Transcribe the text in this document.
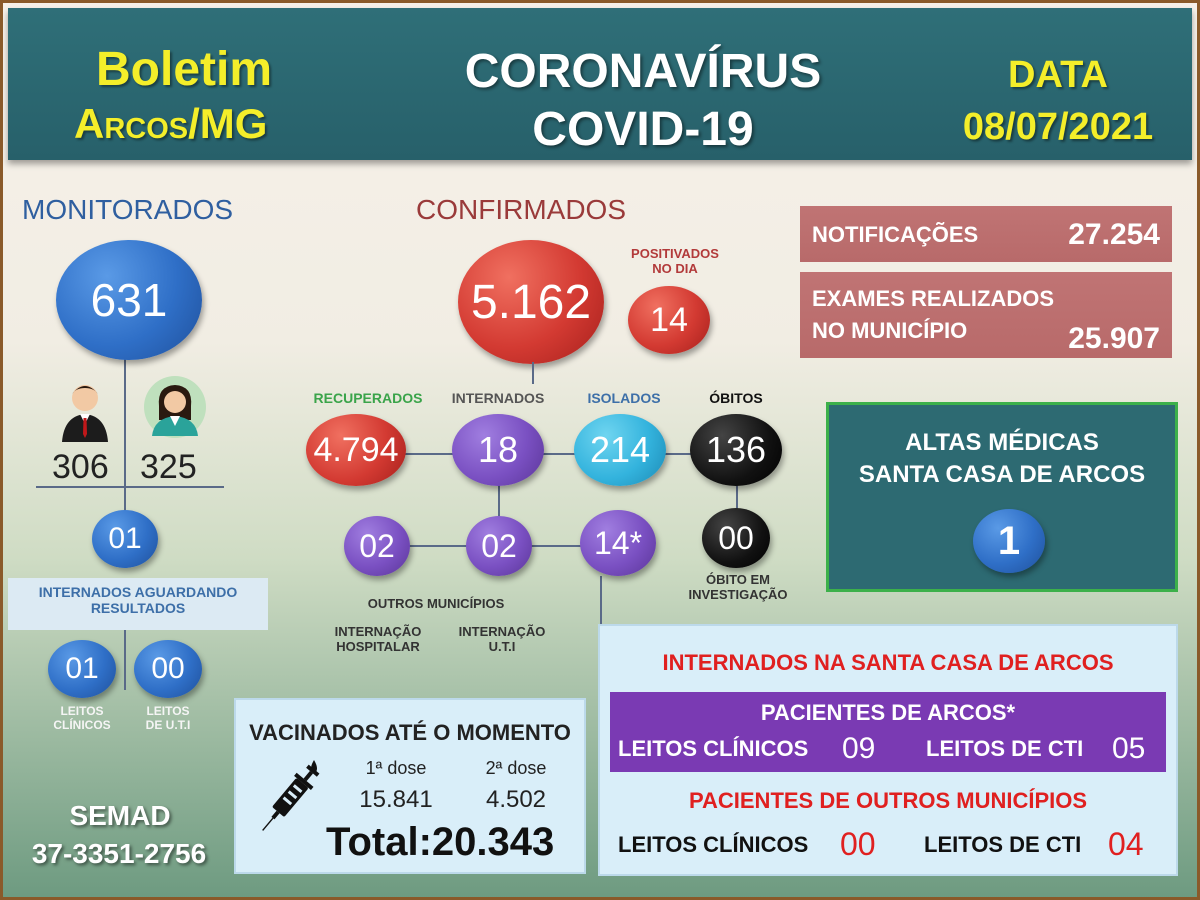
Boletim
Arcos/MG
CORONAVÍRUS
COVID-19
DATA
08/07/2021
MONITORADOS
631
306 325
01
INTERNADOS AGUARDANDO
RESULTADOS
01	00
LEITOS
CLÍNICOS
LEITOS
DE U.T.I
SEMAD
37-3351-2756
CONFIRMADOS
5.162
POSITIVADOS
NO DIA
14
RECUPERADOS	INTERNADOS	ISOLADOS	ÓBITOS
4.794	18	214	136
02	02	14*	00
OUTROS MUNICÍPIOS
INTERNAÇÃO
HOSPITALAR
INTERNAÇÃO
U.T.I
ÓBITO EM
INVESTIGAÇÃO
NOTIFICAÇÕES	27.254
EXAMES REALIZADOS
NO MUNICÍPIO	25.907
ALTAS MÉDICAS
SANTA CASA DE ARCOS
1
VACINADOS ATÉ O MOMENTO
1ª dose	2ª dose
15.841	4.502
Total:20.343
INTERNADOS NA SANTA CASA DE ARCOS
PACIENTES DE ARCOS*
LEITOS CLÍNICOS 09 LEITOS DE CTI 05
PACIENTES DE OUTROS MUNICÍPIOS
LEITOS CLÍNICOS 00 LEITOS DE CTI 04
